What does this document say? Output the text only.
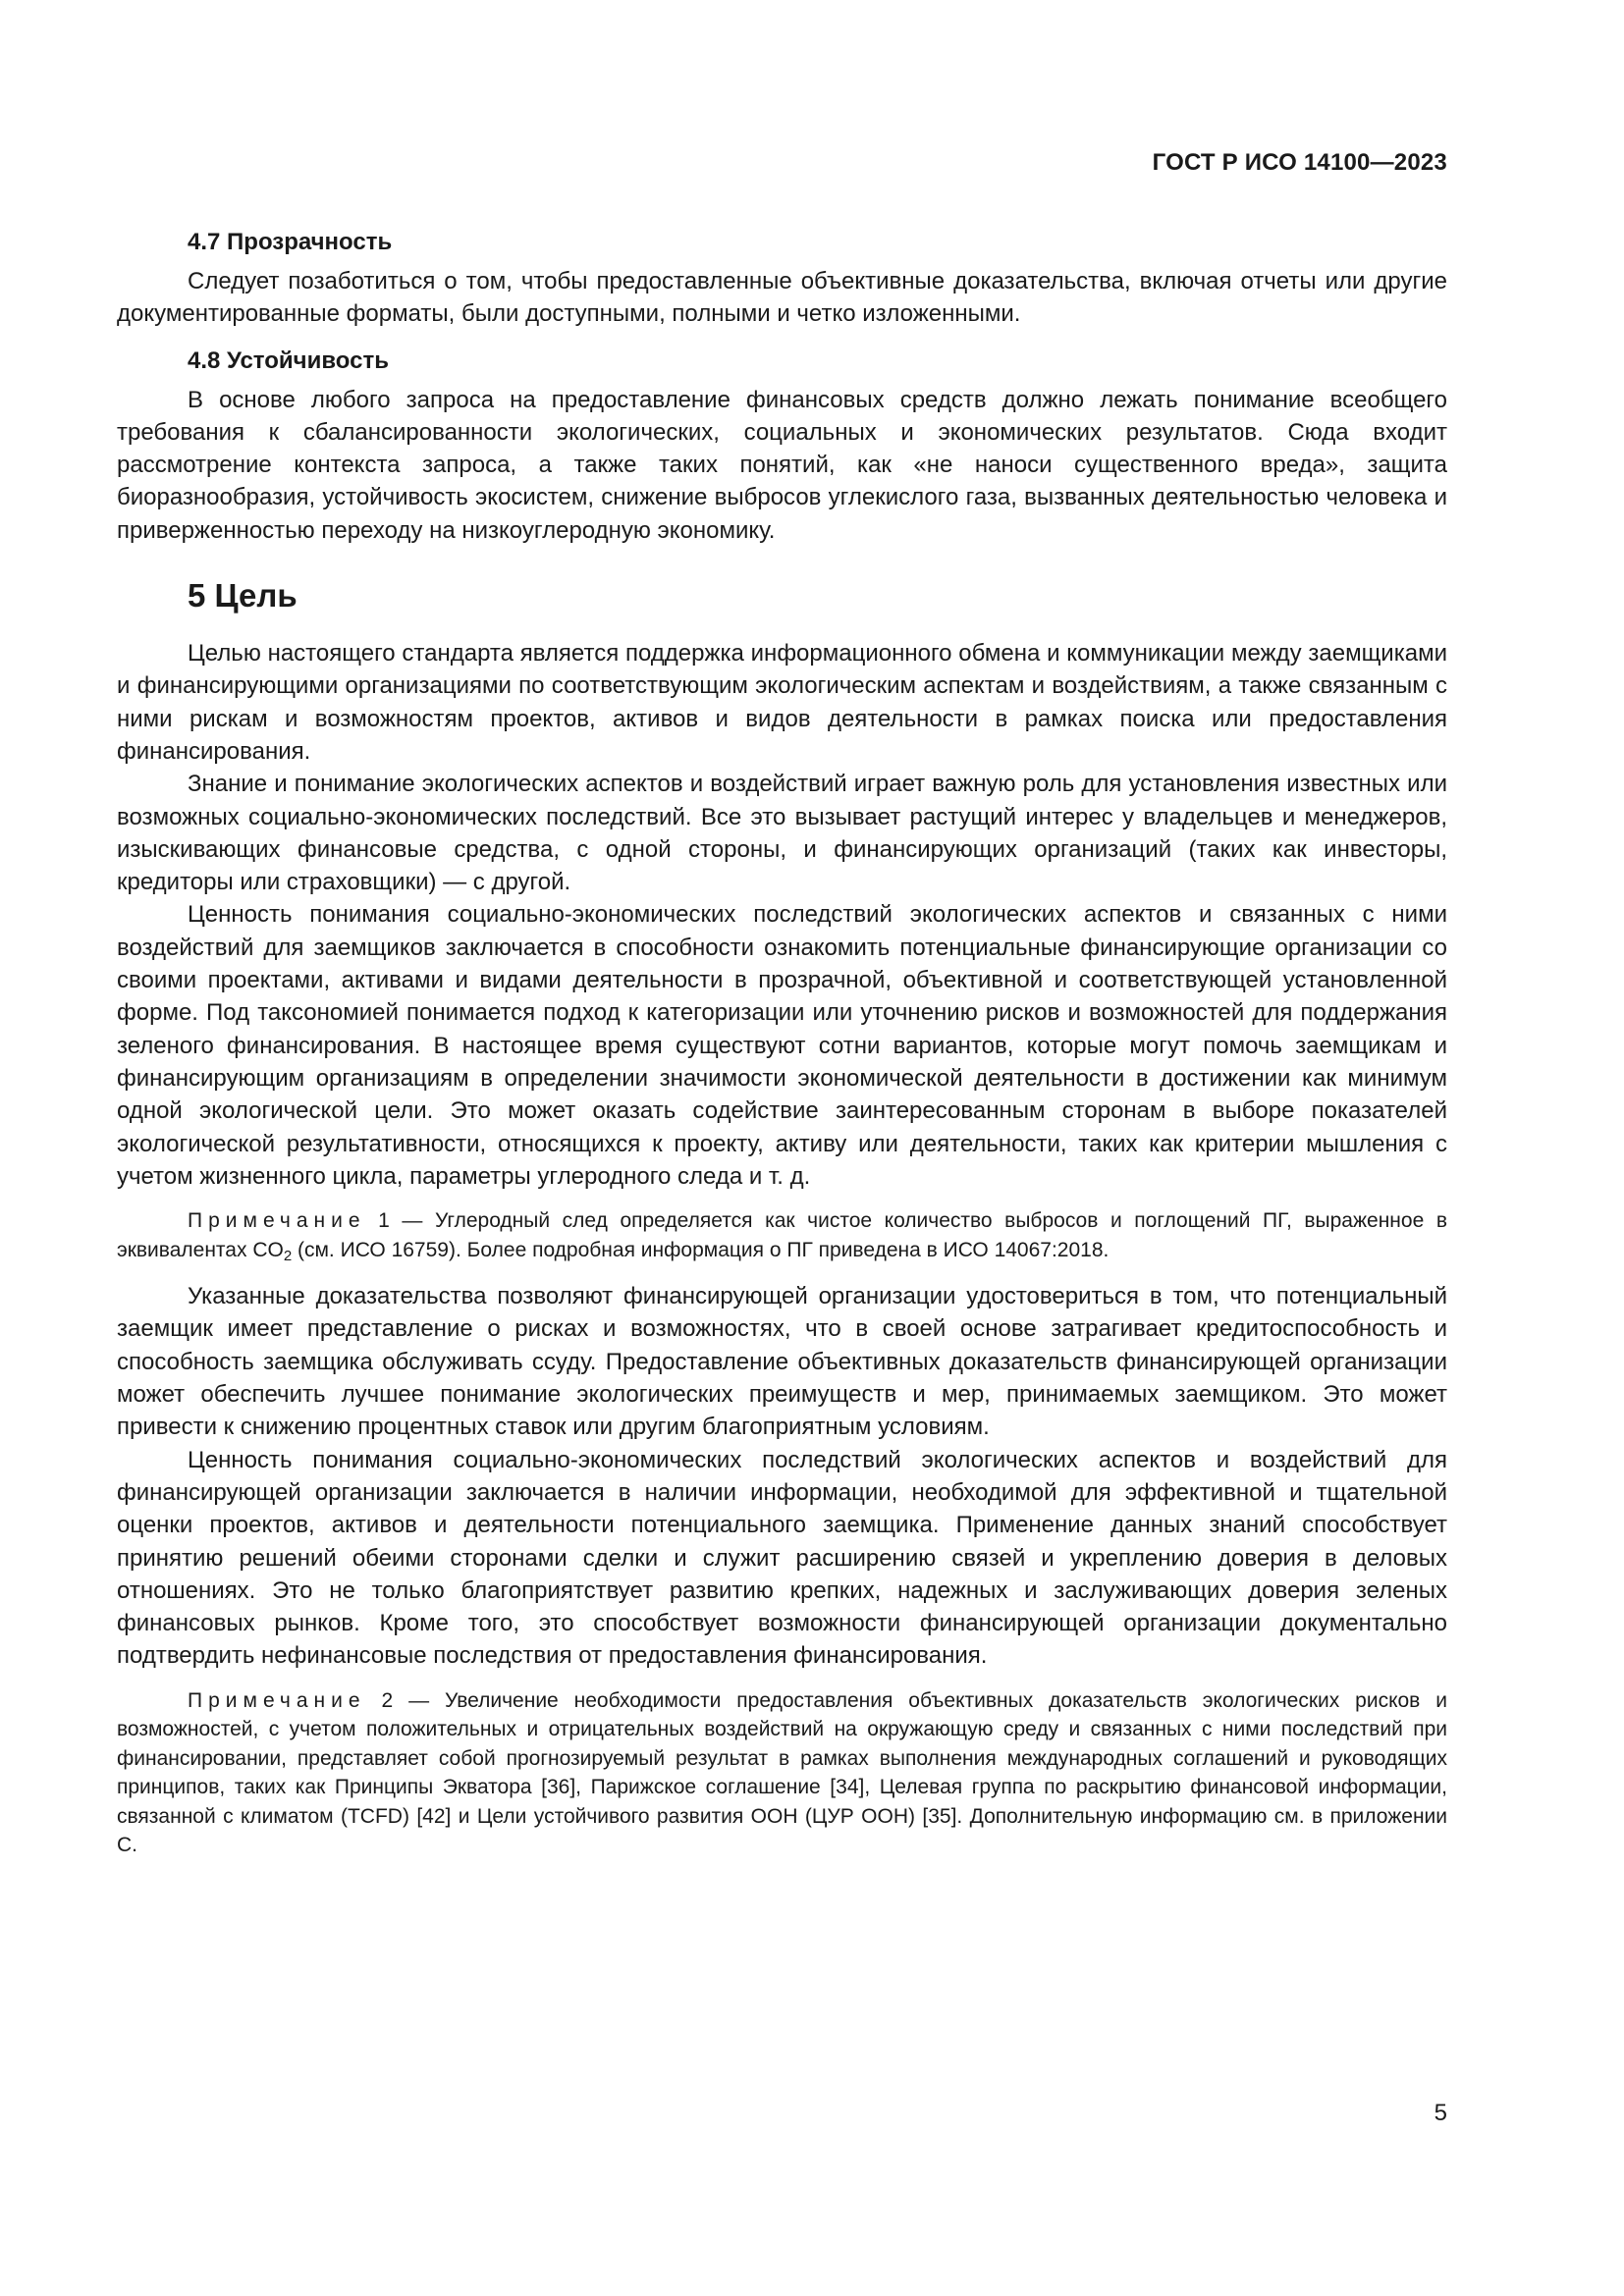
ГОСТ Р ИСО 14100—2023
4.7 Прозрачность

Следует позаботиться о том, чтобы предоставленные объективные доказательства, включая отчеты или другие документированные форматы, были доступными, полными и четко изложенными.

4.8 Устойчивость

В основе любого запроса на предоставление финансовых средств должно лежать понимание всеобщего требования к сбалансированности экологических, социальных и экономических результатов. Сюда входит рассмотрение контекста запроса, а также таких понятий, как «не наноси существенного вреда», защита биоразнообразия, устойчивость экосистем, снижение выбросов углекислого газа, вызванных деятельностью человека и приверженностью переходу на низкоуглеродную экономику.

5 Цель

Целью настоящего стандарта является поддержка информационного обмена и коммуникации между заемщиками и финансирующими организациями по соответствующим экологическим аспектам и воздействиям, а также связанным с ними рискам и возможностям проектов, активов и видов деятельности в рамках поиска или предоставления финансирования.

Знание и понимание экологических аспектов и воздействий играет важную роль для установления известных или возможных социально-экономических последствий. Все это вызывает растущий интерес у владельцев и менеджеров, изыскивающих финансовые средства, с одной стороны, и финансирующих организаций (таких как инвесторы, кредиторы или страховщики) — с другой.

Ценность понимания социально-экономических последствий экологических аспектов и связанных с ними воздействий для заемщиков заключается в способности ознакомить потенциальные финансирующие организации со своими проектами, активами и видами деятельности в прозрачной, объективной и соответствующей установленной форме. Под таксономией понимается подход к категоризации или уточнению рисков и возможностей для поддержания зеленого финансирования. В настоящее время существуют сотни вариантов, которые могут помочь заемщикам и финансирующим организациям в определении значимости экономической деятельности в достижении как минимум одной экологической цели. Это может оказать содействие заинтересованным сторонам в выборе показателей экологической результативности, относящихся к проекту, активу или деятельности, таких как критерии мышления с учетом жизненного цикла, параметры углеродного следа и т. д.

Примечание 1 — Углеродный след определяется как чистое количество выбросов и поглощений ПГ, выраженное в эквивалентах $CO_2$ (см. ИСО 16759). Более подробная информация о ПГ приведена в ИСО 14067:2018.

Указанные доказательства позволяют финансирующей организации удостовериться в том, что потенциальный заемщик имеет представление о рисках и возможностях, что в своей основе затрагивает кредитоспособность и способность заемщика обслуживать ссуду. Предоставление объективных доказательств финансирующей организации может обеспечить лучшее понимание экологических преимуществ и мер, принимаемых заемщиком. Это может привести к снижению процентных ставок или другим благоприятным условиям.

Ценность понимания социально-экономических последствий экологических аспектов и воздействий для финансирующей организации заключается в наличии информации, необходимой для эффективной и тщательной оценки проектов, активов и деятельности потенциального заемщика. Применение данных знаний способствует принятию решений обеими сторонами сделки и служит расширению связей и укреплению доверия в деловых отношениях. Это не только благоприятствует развитию крепких, надежных и заслуживающих доверия зеленых финансовых рынков. Кроме того, это способствует возможности финансирующей организации документально подтвердить нефинансовые последствия от предоставления финансирования.

Примечание 2 — Увеличение необходимости предоставления объективных доказательств экологических рисков и возможностей, с учетом положительных и отрицательных воздействий на окружающую среду и связанных с ними последствий при финансировании, представляет собой прогнозируемый результат в рамках выполнения международных соглашений и руководящих принципов, таких как Принципы Экватора [36], Парижское соглашение [34], Целевая группа по раскрытию финансовой информации, связанной с климатом (TCFD) [42] и Цели устойчивого развития ООН (ЦУР ООН) [35]. Дополнительную информацию см. в приложении С.

5
